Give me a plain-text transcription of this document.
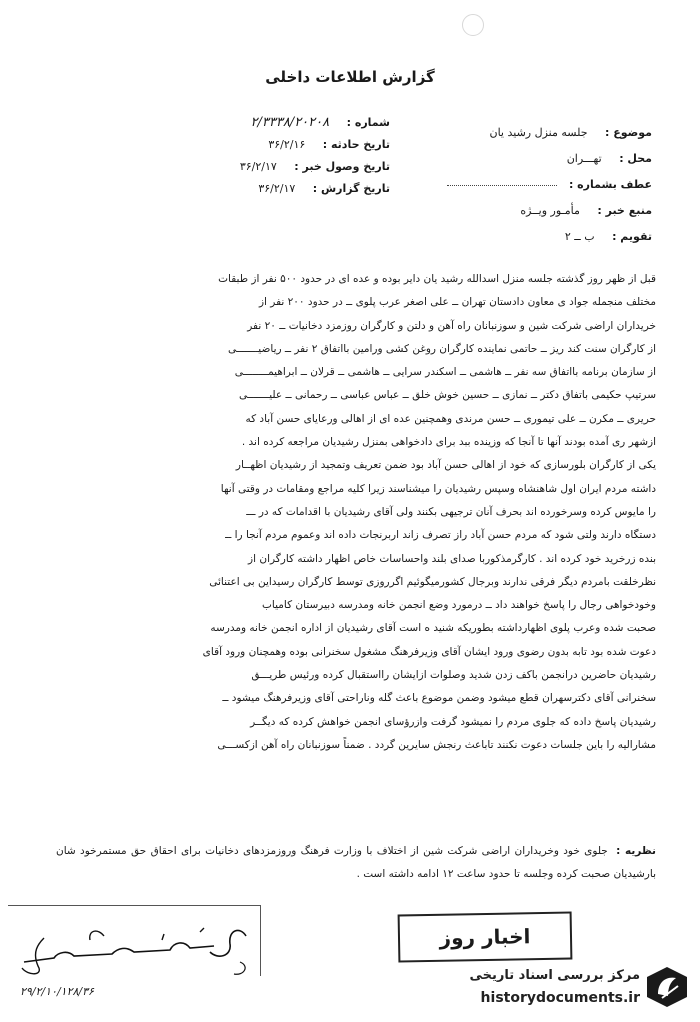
گزارش اطلاعات داخلی
موضوع : جلسه منزل رشید یان
محل : تهـــران
عطف بشماره :
منبع خبر : مأمـور ویــژه
تقویم : ب ــ ۲
شماره : ۲/۳۳۳۸/۲۰۲۰۸
تاریخ حادثه : ۳۶/۲/۱۶
تاریخ وصول خبر : ۳۶/۲/۱۷
تاریخ گزارش : ۳۶/۲/۱۷

قبل از ظهر روز گذشته جلسه منزل اسدالله رشید یان دایر بوده و عده ای در حدود ۵۰۰ نفر از طبقات

مختلف منجمله جواد ی معاون دادستان تهران ــ علی اصغر عرب پلوی ــ در حدود ۲۰۰ نفر از

خریداران اراضی شرکت شین و سوزنبانان راه آهن و دلتن و کارگران روزمزد دخانیات ــ ۲۰ نفر

از کارگران سنت کند ریز ــ حاتمی نماینده کارگران روغن کشی ورامین بااتفاق ۲ نفر ــ ریاضیـــــــی

از سازمان برنامه بااتفاق سه نفر ــ هاشمی ــ اسکندر سرایی ــ هاشمی ــ قرلان ــ ابراهیمــــــــی

سرتیپ حکیمی باتفاق دکتر ــ نمازی ــ حسین خوش خلق ــ عباس عباسی ــ رحمانی ــ علیـــــــی

حریری ــ مکرن ــ علی تیموری ــ حسن مرندی وهمچنین عده ای از اهالی ورعایای حسن آباد که

ازشهر ری آمده بودند آنها تا آنجا که وزینده ببد برای دادخواهی بمنزل رشیدیان مراجعه کرده اند .

یکی از کارگران بلورسازی که خود از اهالی حسن آباد بود ضمن تعریف وتمجید از رشیدیان اظهــار

داشته مردم ایران اول شاهنشاه وسپس رشیدیان را میشناسند زیرا کلیه مراجع ومقامات در وقتی آنها

را مایوس کرده وسرخورده اند بحرف آنان ترجیهی بکنند ولی آقای رشیدیان با اقدامات که در ـــ

دستگاه دارند ولتی شود که مردم حسن آباد راز تصرف زاند اربرنجات داده اند وعموم مردم آنجا را ــ

بنده زرخرید خود کرده اند . کارگرمذکوربا صدای بلند واحساسات خاص اظهار داشته کارگران از

نظرخلقت بامردم دیگر فرقی ندارند وبرجال کشورمیگوئیم اگرروزی توسط کارگران رسیداین بی اعتنائی

وخودخواهی رجال را پاسخ خواهند داد ــ درمورد وضع انجمن خانه ومدرسه دبیرستان کامیاب

صحبت شده وعرب پلوی اظهارداشته بطوریکه شنید ه است آقای رشیدیان از اداره انجمن خانه ومدرسه

دعوت شده بود تابه بدون رضوی ورود ایشان آقای وزیرفرهنگ مشغول سخنرانی بوده وهمچنان ورود آقای

رشیدیان حاضرین درانجمن باکف زدن شدید وصلوات ازایشان رااستقبال کرده ورئیس طریـــق

سخنرانی آقای دکترسهران قطع میشود وضمن موضوع باعث گله وناراحتی آقای وزیرفرهنگ میشود ــ

رشیدیان پاسخ داده که جلوی مردم را نمیشود گرفت وازرؤسای انجمن خواهش کرده که دیگــر

مشارالیه را باین جلسات دعوت نکنند تاباعث رنجش سایرین گردد . ضمناً سوزنبانان راه آهن ازکســـی

نظریه : جلوی خود وخریداران اراضی شرکت شین از اختلاف با وزارت فرهنگ وروزمزدهای دخانیات برای احقاق حق مستمرخود شان بارشیدیان صحبت کرده وجلسه تا حدود ساعت ۱۲ ادامه داشته است .
اخبار روز
۲۹/۲/۱۰/۱۲۸/۳۶
مرکز بررسی اسناد تاریخی
historydocuments.ir
